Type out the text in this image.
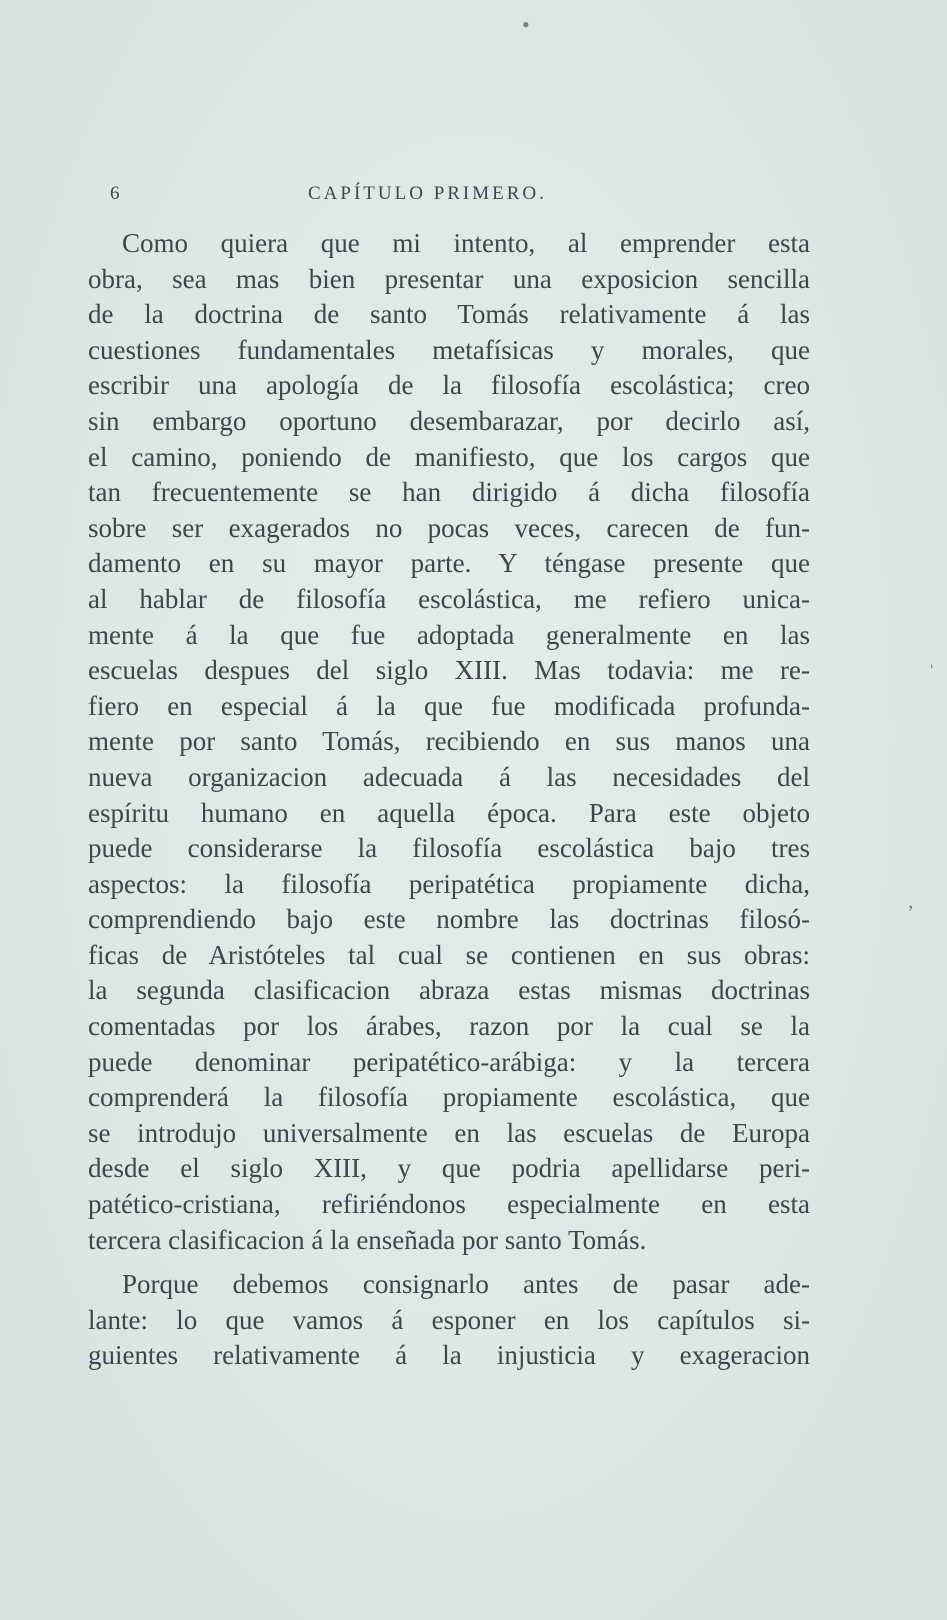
6	CAPÍTULO PRIMERO.
Como quiera que mi intento, al emprender esta
obra, sea mas bien presentar una exposicion sencilla
de la doctrina de santo Tomás relativamente á las
cuestiones fundamentales metafísicas y morales, que
escribir una apología de la filosofía escolástica; creo
sin embargo oportuno desembarazar, por decirlo así,
el camino, poniendo de manifiesto, que los cargos que
tan frecuentemente se han dirigido á dicha filosofía
sobre ser exagerados no pocas veces, carecen de fun-
damento en su mayor parte. Y téngase presente que
al hablar de filosofía escolástica, me refiero unica-
mente á la que fue adoptada generalmente en las
escuelas despues del siglo XIII. Mas todavia: me re-
fiero en especial á la que fue modificada profunda-
mente por santo Tomás, recibiendo en sus manos una
nueva organizacion adecuada á las necesidades del
espíritu humano en aquella época. Para este objeto
puede considerarse la filosofía escolástica bajo tres
aspectos: la filosofía peripatética propiamente dicha,
comprendiendo bajo este nombre las doctrinas filosó-
ficas de Aristóteles tal cual se contienen en sus obras:
la segunda clasificacion abraza estas mismas doctrinas
comentadas por los árabes, razon por la cual se la
puede denominar peripatético-arábiga: y la tercera
comprenderá la filosofía propiamente escolástica, que
se introdujo universalmente en las escuelas de Europa
desde el siglo XIII, y que podria apellidarse peri-
patético-cristiana, refiriéndonos especialmente en esta
tercera clasificacion á la enseñada por santo Tomás.
Porque debemos consignarlo antes de pasar ade-
lante: lo que vamos á esponer en los capítulos si-
guientes relativamente á la injusticia y exageracion
•
,
ˈ
